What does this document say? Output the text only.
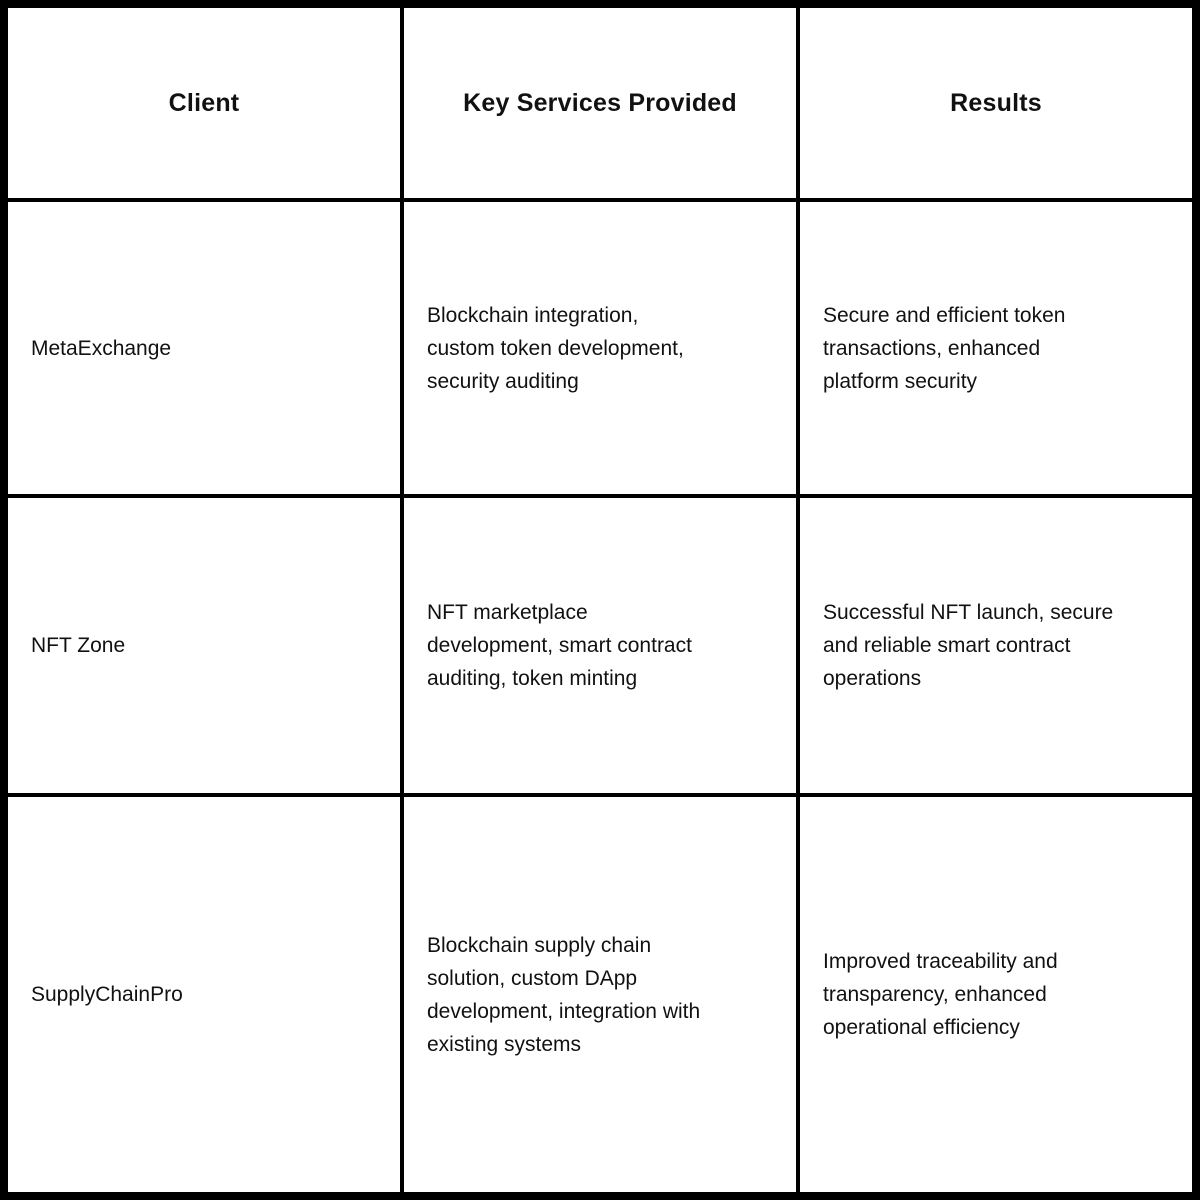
Client	Key Services Provided	Results
MetaExchange
Blockchain integration,
custom token development,
security auditing
Secure and efficient token
transactions, enhanced
platform security
NFT Zone
NFT marketplace
development, smart contract
auditing, token minting
Successful NFT launch, secure
and reliable smart contract
operations
SupplyChainPro
Blockchain supply chain
solution, custom DApp
development, integration with
existing systems
Improved traceability and
transparency, enhanced
operational efficiency
